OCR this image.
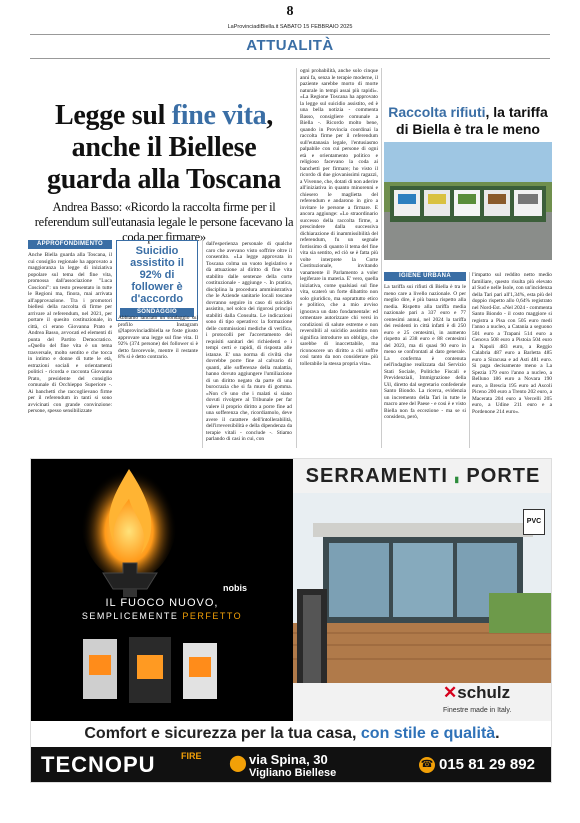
8
LaProvinciadiBiella.it SABATO 15 FEBBRAIO 2025
ATTUALITÀ
Legge sul fine vita, anche il Biellese guarda alla Toscana
Andrea Basso: «Ricordo la raccolta firme per il referendum sull'eutanasia legale le persone facevano la coda per firmare»
APPROFONDIMENTO
Anche Biella guarda alla Toscana, il cui consiglio regionale ha approvato a maggioranza la legge di iniziativa popolare sul tema del fine vita, promossa dall'associazione "Luca Coscioni": un testo presentato in tutte le Regioni ma, finora, mai arrivata all'approvazione. Tra i promotori biellesi della raccolta di firme per arrivare al referendum, nel 2021, per portare il quesito costituzionale, in città, ci erano Giovanna Prato e Andrea Basso, avvocati ed elementi di punta del Partito Democratico. «Quello del fine vita è un tema trasversale, molto sentito e che tocca in intimo e donne di tutte le età, estrazioni sociali e orientamenti politici - ricorda e racconta Giovanna Prato, presidente del consiglio comunale di Occhieppo Superiore -. Ai banchetti che raccoglievano firme per il referendum in tanti si sono avvicinati con grande convinzione: persone, spesso sensibilizzate
Suicidio assistito il 92% di follower è d'accordo
SONDAGGIO
Abbiamo lanciato un sondaggio sul profilo Instagram @laprovinciadibiella se foste giusto approvare una legge sul fine vita. Il 92% (374 persone) dei follower si è detto favorevole, mentre il restante 8% si è detto contrario.
dall'esperienza personale di qualche caro che avevano visto soffrire oltre il consentito. «La legge approvata in Toscana colma un vuoto legislativo e dà attuazione al diritto di fine vita stabilito dalle sentenze della corte costituzionale - aggiunge -. In pratica, disciplina la procedura amministrativa che le Aziende sanitarie locali toscane dovranno seguire in caso di suicidio assistito, nel solco dei rigorosi principi stabiliti dalla Consulta. Le indicazioni sono di tipo operativo: la formazione delle commissioni mediche di verifica, i protocolli per l'accertamento dei requisiti sanitari dei richiedenti e i tempi certi e rapidi, di risposta alle istanze. E' una norma di civiltà che dovrebbe porre fine al calvario di quanti, alle sofferenze della malattia, hanno dovuto aggiungere l'umiliazione di un diritto negato da parte di una burocrazia che si fa muro di gomma. «Non c'è uno che i malati si siano dovuti rivolgere al Tribunale per far valere il proprio diritto a porre fine ad una sofferenza che, ricordiamolo, deve avere il carattere dell'intollerabilità, dell'irreversibilità e della dipendenza da terapie vitali - conclude -. Stiamo parlando di casi in cui, con
ogni probabilità, anche solo cinque anni fa, senza le terapie moderne, il paziente sarebbe morto di morte naturale in tempi assai più rapidi». «La Regione Toscana ha approvato la legge sul suicidio assistito, ed è una bella notizia - commenta Basso, consigliere comunale a Biella -. Ricordo molto bene, quando in Provincia coordinai la raccolta firme per il referendum sull'eutanasia legale, l'entusiasmo palpabile con cui persone di ogni età e orientamento politico e religioso facevano la coda ai banchetti per firmare; ho visto il ricordo di due giovanissimi ragazzi, a Vivenne, che, dotati di non aderire all'iniziativa in quanto minorenni e chiesero le maglietta del referendum e andarono in giro a invitare le persone a firmare. E ancora aggiunge: «Lo straordinario successo della raccolta firme, a prescindere dalla successiva dichiarazione di inammissibilità del referendum, fu un segnale fortissimo di quanto il tema del fine vita sia sentito, ed ciò se è fatta più volte interprete la Corte Costituzionale, invitando vanamente il Parlamento a voler legiferare in materia. E' vero, quella iniziativa, come qualsiasi sul fine vita, scaterò un forte dibattito non solo giuridico, ma soprattutto etico e politico, che a mio avviso ignorava un dato fondamentale: ed ormentare autorizzare chi versi in condizioni di salute estreme e non reversibili al suicidio assistito non significa introdurre un obbligo, che sarebbe di inaccettabile, ma riconoscere un diritto a chi soffre così tanto da non considerare più tollerabile la stessa propria vita».
Raccolta rifiuti, la tariffa di Biella è tra le meno
IGIENE URBANA
La tariffa sui rifiuti di Biella è tra le meno care a livello nazionale. O per meglio dire, è più bassa rispetto alla media. Rispetto alla tariffa media nazionale pari a 337 euro e 77 centesimi annui, nel 2024 la tariffa dei residenti in città infatti è di 250 euro e 25 centesimi, in aumento rispetto ai 238 euro e 88 centesimi del 2023, ma di quasi 90 euro in meno se confrontati al dato generale. La conferma è contenuta nell'indagine realizzata dal Servizio Stati Sociale, Politiche Fiscali e Previdenziali, Immigrazione della Uil, diretto dal segretario confederale Santo Biondo. La ricerca, evidenzia un incremento della Tari in tutte le macro aree del Paese - e cosi è e visto Biella non fa eccezione - ma se si considera, però,
l'impatto sul reddito netto medio familiare, questo risulta più elevato al Sud e nelle Isole, con un'incidenza della Tari pari all'1,34%, esta più del doppio rispetto allo 0,64% registrato nel Nord-Est. «Nel 2024 - commenta Santo Biondo - il costo maggiore si registra a Pisa con 505 euro medi l'anno a nucleo, a Catania a seguono 501 euro a Trapani 514 euro a Genova 508 euro a Pistoia 504 euro a Napoli 483 euro, a Reggio Calabria 487 euro a Barletta 485 euro a Siracusa e ad Asti 481 euro. Si paga decisamente meno a La Spezia 179 euro l'anno a nucleo, a Belluno 186 euro a Novara 190 euro, a Brescia 195 euro ad Ascoli Piceno 200 euro a Trento 202 euro, a Macerata 204 euro a Vercelli 205 euro, a Udine 211 euro e a Pordenone 214 euro».
nobis
IL FUOCO NUOVO,
SEMPLICEMENTE PERFETTO
SERRAMENTI ▮ PORTE
PVC
✕schulz
Finestre made in Italy.
Comfort e sicurezza per la tua casa, con stile e qualità.
TECNOPU	FIRE ⬤ via Spina, 30
Vigliano Biellese
☎ 015 81 29 892
